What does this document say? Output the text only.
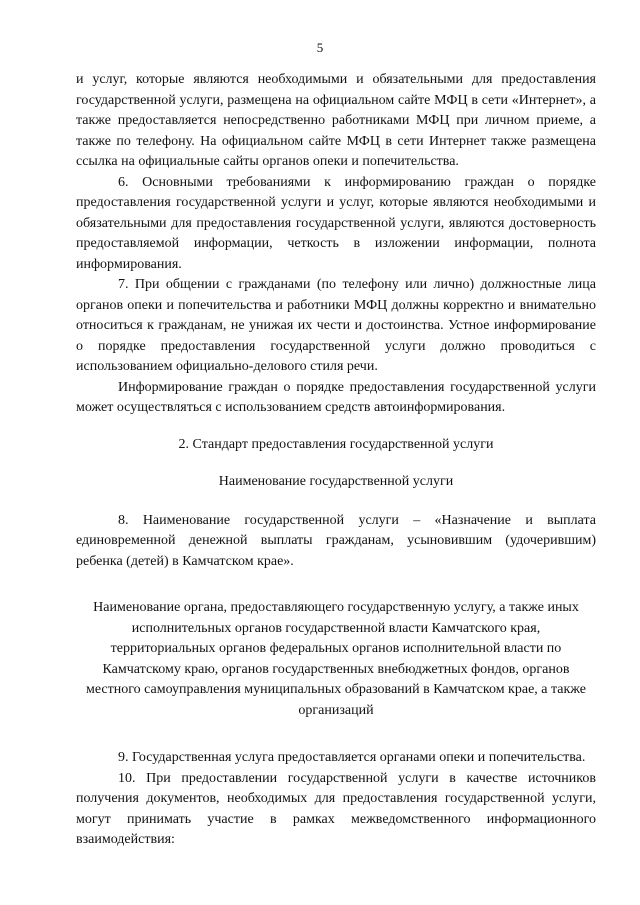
5

и услуг, которые являются необходимыми и обязательными для предоставления государственной услуги, размещена на официальном сайте МФЦ в сети «Интернет», а также предоставляется непосредственно работниками МФЦ при личном приеме, а также по телефону. На официальном сайте МФЦ в сети Интернет также размещена ссылка на официальные сайты органов опеки и попечительства.

6. Основными требованиями к информированию граждан о порядке предоставления государственной услуги и услуг, которые являются необходимыми и обязательными для предоставления государственной услуги, являются достоверность предоставляемой информации, четкость в изложении информации, полнота информирования.

7. При общении с гражданами (по телефону или лично) должностные лица органов опеки и попечительства и работники МФЦ должны корректно и внимательно относиться к гражданам, не унижая их чести и достоинства. Устное информирование о порядке предоставления государственной услуги должно проводиться с использованием официально-делового стиля речи.

Информирование граждан о порядке предоставления государственной услуги может осуществляться с использованием средств автоинформирования.

2. Стандарт предоставления государственной услуги

Наименование государственной услуги

8. Наименование государственной услуги – «Назначение и выплата единовременной денежной выплаты гражданам, усыновившим (удочерившим) ребенка (детей) в Камчатском крае».

Наименование органа, предоставляющего государственную услугу, а также иных исполнительных органов государственной власти Камчатского края, территориальных органов федеральных органов исполнительной власти по Камчатскому краю, органов государственных внебюджетных фондов, органов местного самоуправления муниципальных образований в Камчатском крае, а также организаций

9. Государственная услуга предоставляется органами опеки и попечительства.

10. При предоставлении государственной услуги в качестве источников получения документов, необходимых для предоставления государственной услуги, могут принимать участие в рамках межведомственного информационного взаимодействия:
